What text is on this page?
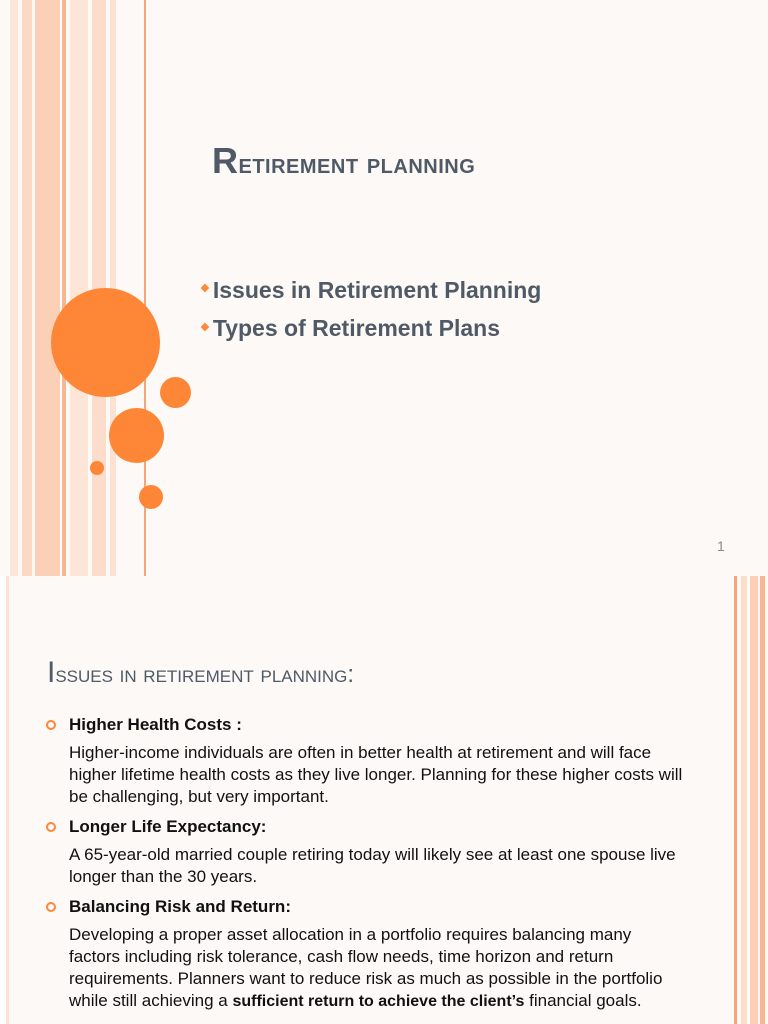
Retirement planning
❖ Issues in Retirement Planning
❖ Types of Retirement Plans
1
Issues in retirement planning:
Higher Health Costs :
Higher-income individuals are often in better health at retirement and will face higher lifetime health costs as they live longer. Planning for these higher costs will be challenging, but very important.
Longer Life Expectancy:
A 65-year-old married couple retiring today will likely see at least one spouse live longer than the 30 years.
Balancing Risk and Return:
Developing a proper asset allocation in a portfolio requires balancing many factors including risk tolerance, cash flow needs, time horizon and return requirements. Planners want to reduce risk as much as possible in the portfolio while still achieving a sufficient return to achieve the client’s financial goals.
